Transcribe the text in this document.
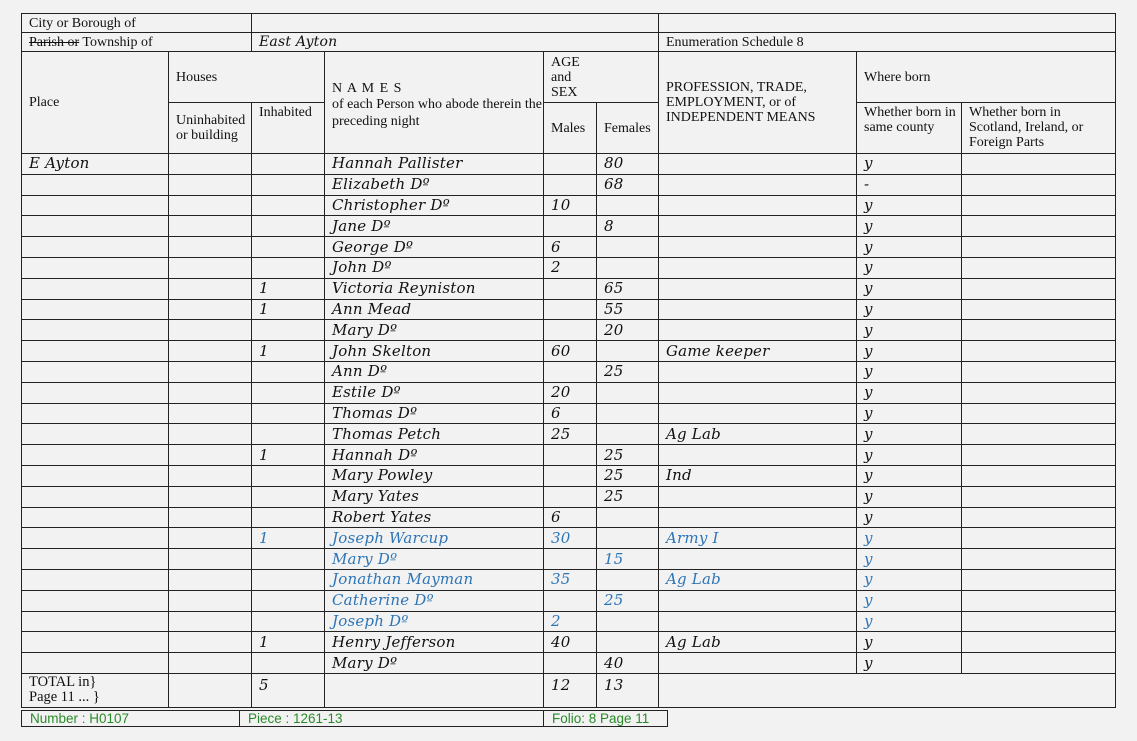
City or Borough of								
Parish or Township of		East Ayton				Enumeration Schedule 8		
Place	Houses		N A M E S
of each Person who abode therein the preceding night	AGE and SEX		PROFESSION, TRADE, EMPLOYMENT, or of INDEPENDENT MEANS	Where born	
	Uninhabited or building	Inhabited		Males	Females		Whether born in same county	Whether born in Scotland, Ireland, or Foreign Parts
E Ayton			Hannah Pallister		80		y	
			Elizabeth Dº		68		-	
			Christopher Dº	10			y	
			Jane Dº		8		y	
			George Dº	6			y	
			John Dº	2			y	
		1	Victoria Reyniston		65		y	
		1	Ann Mead		55		y	
			Mary Dº		20		y	
		1	John Skelton	60		Game keeper	y	
			Ann Dº		25		y	
			Estile Dº	20			y	
			Thomas Dº	6			y	
			Thomas Petch	25		Ag Lab	y	
		1	Hannah Dº		25		y	
			Mary Powley		25	Ind	y	
			Mary Yates		25		y	
			Robert Yates	6			y	
		1	Joseph Warcup	30		Army I	y	
			Mary Dº		15		y	
			Jonathan Mayman	35		Ag Lab	y	
			Catherine Dº		25		y	
			Joseph Dº	2			y	
		1	Henry Jefferson	40		Ag Lab	y	
			Mary Dº		40		y	

TOTAL in}
Page 11 ... }		5		12	13			
Number : H0107	Piece : 1261-13	Folio: 8 Page 11
